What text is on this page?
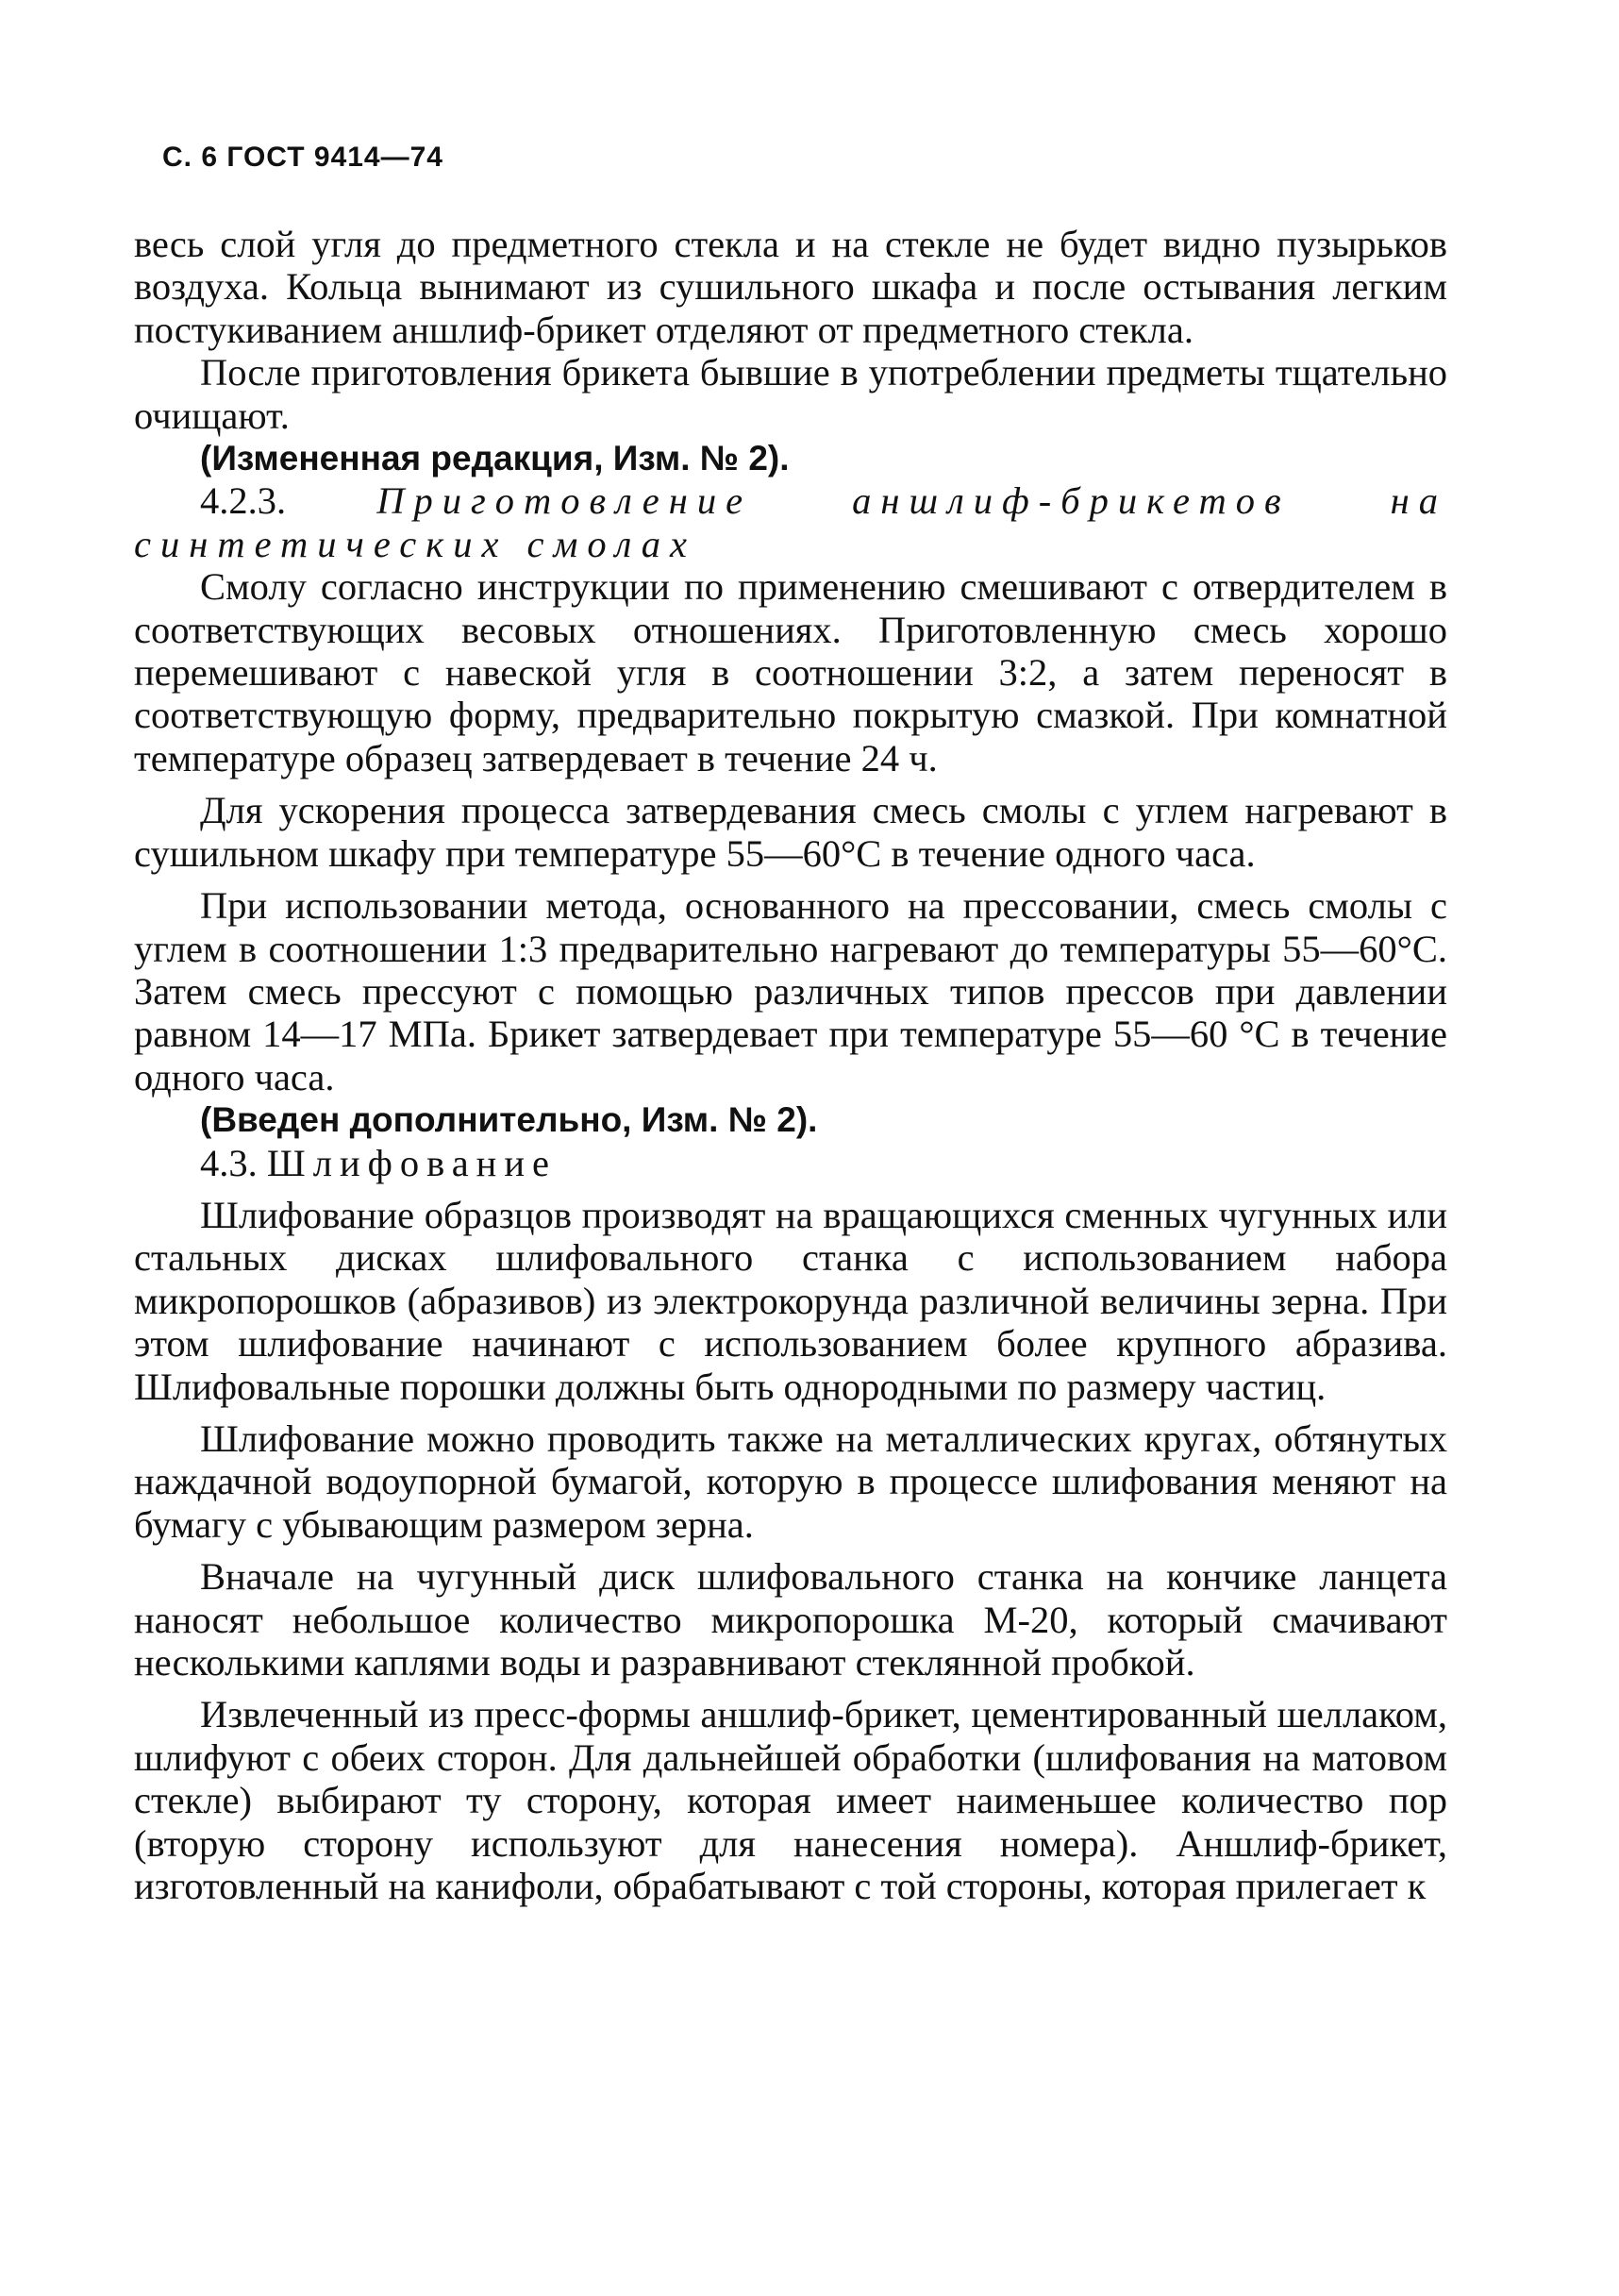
С. 6 ГОСТ 9414—74

весь слой угля до предметного стекла и на стекле не будет видно пузырьков воздуха. Кольца вынимают из сушильного шкафа и после остывания легким постукиванием аншлиф-брикет отделяют от предметного стекла.

После приготовления брикета бывшие в употреблении предметы тщательно очищают.

(Измененная редакция, Изм. № 2).

4.2.3. Приготовление аншлиф-брикетов на синтетических смолах

Смолу согласно инструкции по применению смешивают с отвердителем в соответствующих весовых отношениях. Приготовленную смесь хорошо перемешивают с навеской угля в соотношении 3:2, а затем переносят в соответствующую форму, предварительно покрытую смазкой. При комнатной температуре образец затвердевает в течение 24 ч.

Для ускорения процесса затвердевания смесь смолы с углем нагревают в сушильном шкафу при температуре 55—60°С в течение одного часа.

При использовании метода, основанного на прессовании, смесь смолы с углем в соотношении 1:3 предварительно нагревают до температуры 55—60°С. Затем смесь прессуют с помощью различных типов прессов при давлении равном 14—17 МПа. Брикет затвердевает при температуре 55—60 °С в течение одного часа.

(Введен дополнительно, Изм. № 2).

4.3. Шлифование

Шлифование образцов производят на вращающихся сменных чугунных или стальных дисках шлифовального станка с использованием набора микропорошков (абразивов) из электрокорунда различной величины зерна. При этом шлифование начинают с использованием более крупного абразива. Шлифовальные порошки должны быть однородными по размеру частиц.

Шлифование можно проводить также на металлических кругах, обтянутых наждачной водоупорной бумагой, которую в процессе шлифования меняют на бумагу с убывающим размером зерна.

Вначале на чугунный диск шлифовального станка на кончике ланцета наносят небольшое количество микропорошка М-20, который смачивают несколькими каплями воды и разравнивают стеклянной пробкой.

Извлеченный из пресс-формы аншлиф-брикет, цементированный шеллаком, шлифуют с обеих сторон. Для дальнейшей обработки (шлифования на матовом стекле) выбирают ту сторону, которая имеет наименьшее количество пор (вторую сторону используют для нанесения номера). Аншлиф-брикет, изготовленный на канифоли, обрабатывают с той стороны, которая прилегает к
